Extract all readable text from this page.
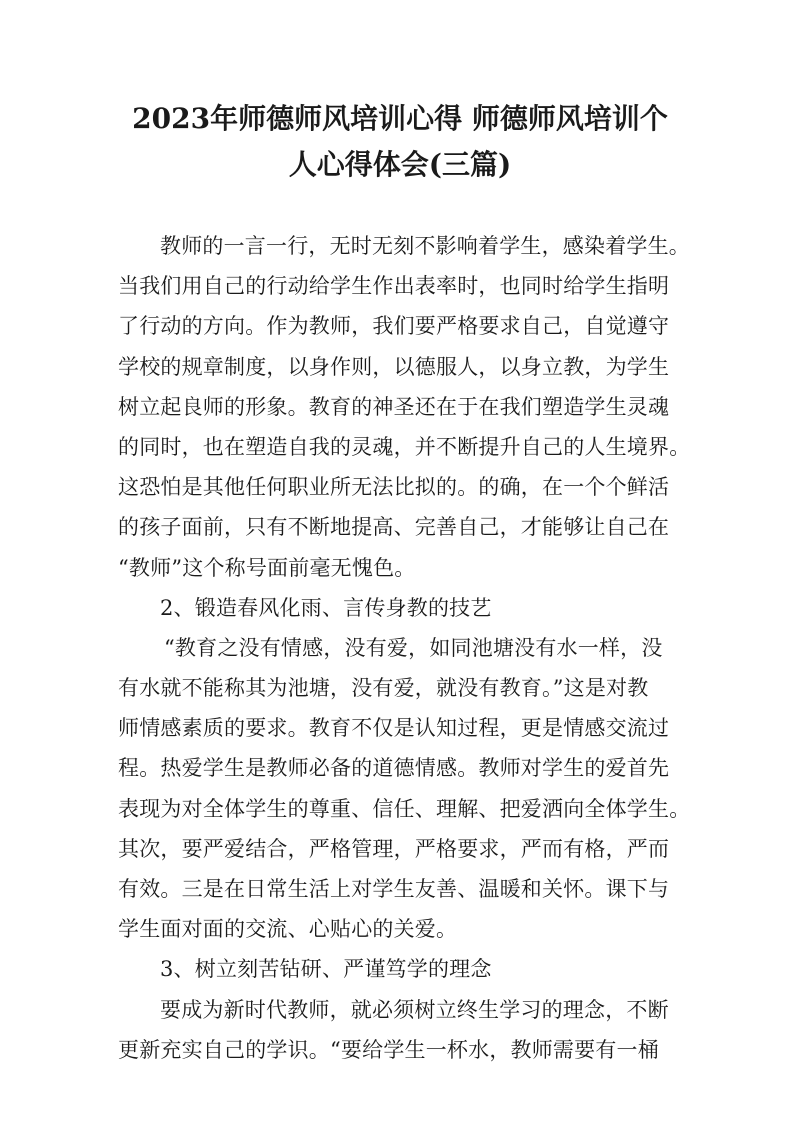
2023年师德师风培训心得 师德师风培训个
人心得体会(三篇)
教师的一言一行，无时无刻不影响着学生，感染着学生。
当我们用自己的行动给学生作出表率时，也同时给学生指明
了行动的方向。作为教师，我们要严格要求自己，自觉遵守
学校的规章制度，以身作则，以德服人，以身立教，为学生
树立起良师的形象。教育的神圣还在于在我们塑造学生灵魂
的同时，也在塑造自我的灵魂，并不断提升自己的人生境界。
这恐怕是其他任何职业所无法比拟的。的确，在一个个鲜活
的孩子面前，只有不断地提高、完善自己，才能够让自己在
“教师”这个称号面前毫无愧色。
2、锻造春风化雨、言传身教的技艺
“教育之没有情感，没有爱，如同池塘没有水一样，没
有水就不能称其为池塘，没有爱，就没有教育。”这是对教
师情感素质的要求。教育不仅是认知过程，更是情感交流过
程。热爱学生是教师必备的道德情感。教师对学生的爱首先
表现为对全体学生的尊重、信任、理解、把爱洒向全体学生。
其次，要严爱结合，严格管理，严格要求，严而有格，严而
有效。三是在日常生活上对学生友善、温暖和关怀。课下与
学生面对面的交流、心贴心的关爱。
3、树立刻苦钻研、严谨笃学的理念
要成为新时代教师，就必须树立终生学习的理念，不断
更新充实自己的学识。“要给学生一杯水，教师需要有一桶
